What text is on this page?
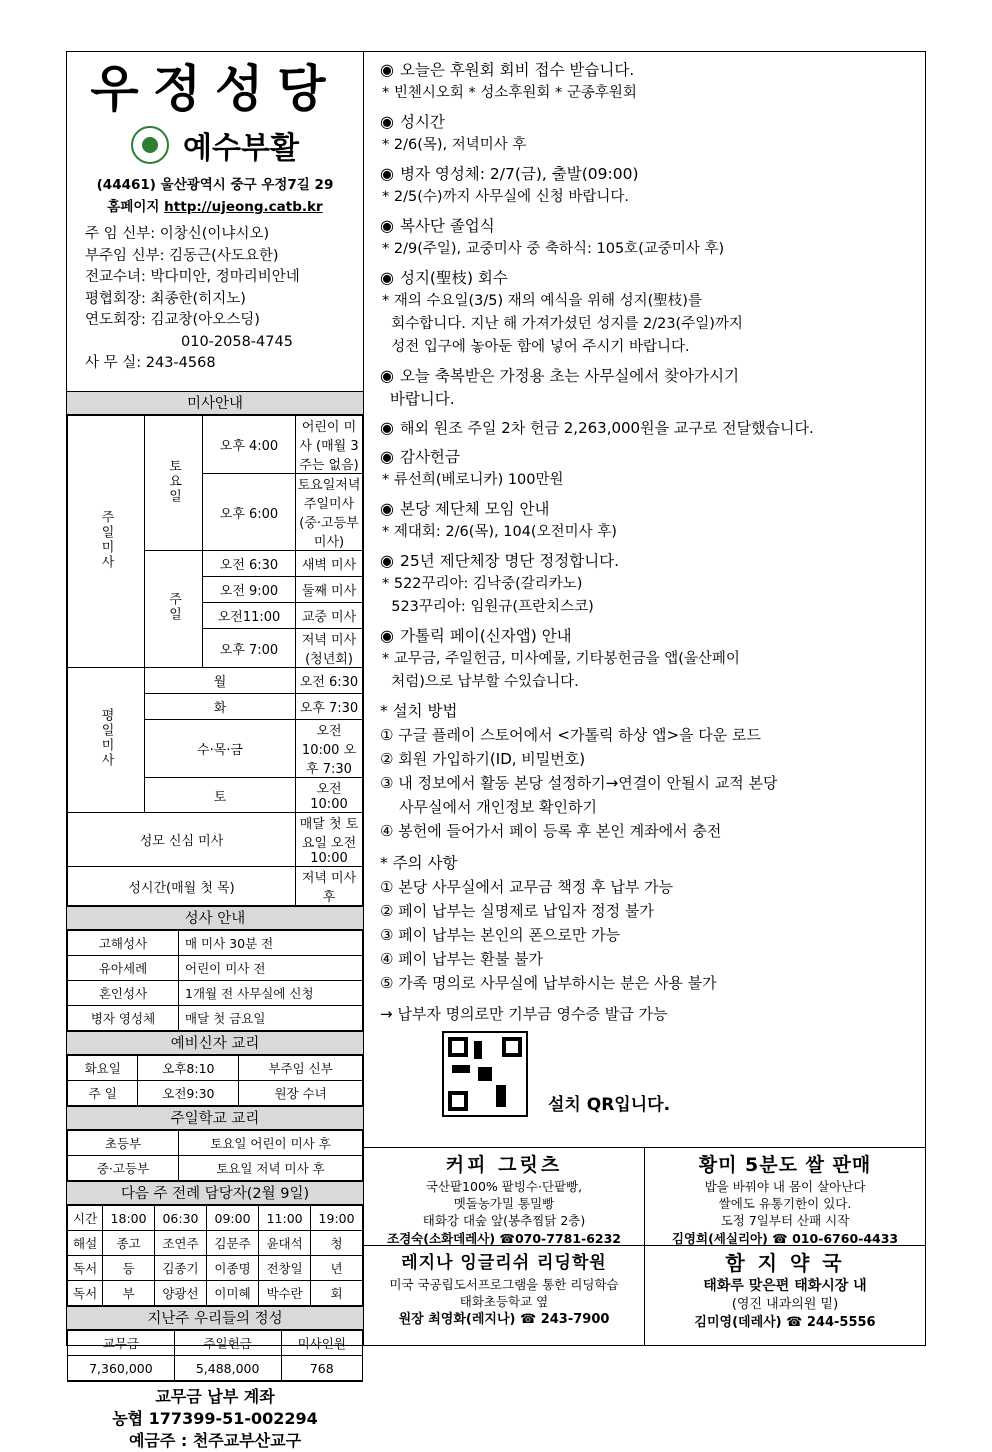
우정성당
예수부활
(44461) 울산광역시 중구 우정7길 29
홈페이지 http://ujeong.catb.kr
주 임 신부: 이창신(이냐시오)
부주임 신부: 김동근(사도요한)
전교수녀: 박다미안, 정마리비안네
평협회장: 최종한(히지노)
연도회장: 김교창(아오스딩)
010-2058-4745
사 무 실: 243-4568
미사안내
주일미사	토요일	오후 4:00	어린이 미사 (매월 3주는 없음)
		오후 6:00	토요일저녁주일미사 (중·고등부 미사)
	주일	오전 6:30	새벽 미사
		오전 9:00	둘째 미사
		오전11:00	교중 미사
		오후 7:00	저녁 미사(청년회)
평일미사	월		오전 6:30
	화		오후 7:30
	수·목·금		오전 10:00 오후 7:30
	토		오전 10:00
성모 신심 미사			매달 첫 토요일 오전 10:00
성시간(매월 첫 목)			저녁 미사 후
성사 안내
고해성사	매 미사 30분 전
유아세례	어린이 미사 전
혼인성사	1개월 전 사무실에 신청
병자 영성체	매달 첫 금요일
예비신자 교리
화요일	오후8:10	부주임 신부
주 일	오전9:30	원장 수녀
주일학교 교리
초등부	토요일 어린이 미사 후
중·고등부	토요일 저녁 미사 후
다음 주 전례 담당자(2월 9일)
시간	18:00	06:30	09:00	11:00	19:00
해설	종고	조연주	김문주	윤대석	청
독서	등	김종기	이종명	전창일	년
독서	부	양광선	이미혜	박수란	회
지난주 우리들의 정성
교무금	주일헌금	미사인원
7,360,000	5,488,000	768
교무금 납부 계좌
농협 177399-51-002294
예금주 : 천주교부산교구
◉ 오늘은 후원회 회비 접수 받습니다.
* 빈첸시오회 * 성소후원회 * 군종후원회
◉ 성시간
* 2/6(목), 저녁미사 후
◉ 병자 영성체: 2/7(금), 출발(09:00)
* 2/5(수)까지 사무실에 신청 바랍니다.
◉ 복사단 졸업식
* 2/9(주일), 교중미사 중 축하식: 105호(교중미사 후)
◉ 성지(聖枝) 회수
* 재의 수요일(3/5) 재의 예식을 위해 성지(聖枝)를
회수합니다. 지난 해 가져가셨던 성지를 2/23(주일)까지
성전 입구에 놓아둔 함에 넣어 주시기 바랍니다.
◉ 오늘 축복받은 가정용 초는 사무실에서 찾아가시기
바랍니다.
◉ 해외 원조 주일 2차 헌금 2,263,000원을 교구로 전달했습니다.
◉ 감사헌금
* 류선희(베로니카) 100만원
◉ 본당 제단체 모임 안내
* 제대회: 2/6(목), 104(오전미사 후)
◉ 25년 제단체장 명단 정정합니다.
* 522꾸리아: 김낙중(갈리카노)
523꾸리아: 임원규(프란치스코)
◉ 가톨릭 페이(신자앱) 안내
* 교무금, 주일헌금, 미사예물, 기타봉헌금을 앱(울산페이
처럼)으로 납부할 수있습니다.
* 설치 방법
① 구글 플레이 스토어에서 <가톨릭 하상 앱>을 다운 로드
② 회원 가입하기(ID, 비밀번호)
③ 내 정보에서 활동 본당 설정하기→연결이 안될시 교적 본당
사무실에서 개인정보 확인하기
④ 봉헌에 들어가서 페이 등록 후 본인 계좌에서 충전
* 주의 사항
① 본당 사무실에서 교무금 책정 후 납부 가능
② 페이 납부는 실명제로 납입자 정정 불가
③ 페이 납부는 본인의 폰으로만 가능
④ 페이 납부는 환불 불가
⑤ 가족 명의로 사무실에 납부하시는 분은 사용 불가
→ 납부자 명의로만 기부금 영수증 발급 가능
설치 QR입니다.
커피 그릿츠
국산팥100% 팥빙수·단팥빵,
멧돌농가밀 통밀빵
태화강 대숲 앞(봉추찜닭 2층)
조경숙(소화데레사) ☎070-7781-6232
황미 5분도 쌀 판매
밥을 바꿔야 내 몸이 살아난다
쌀에도 유통기한이 있다.
도정 7일부터 산패 시작
김영희(세실리아) ☎ 010-6760-4433
레지나 잉글리쉬 리딩학원
미국 국공립도서프로그램을 통한 리딩학습
태화초등학교 옆
원장 최영화(레지나) ☎ 243-7900
함 지 약 국
태화루 맞은편 태화시장 내
(영진 내과의원 밑)
김미영(데레사) ☎ 244-5556
